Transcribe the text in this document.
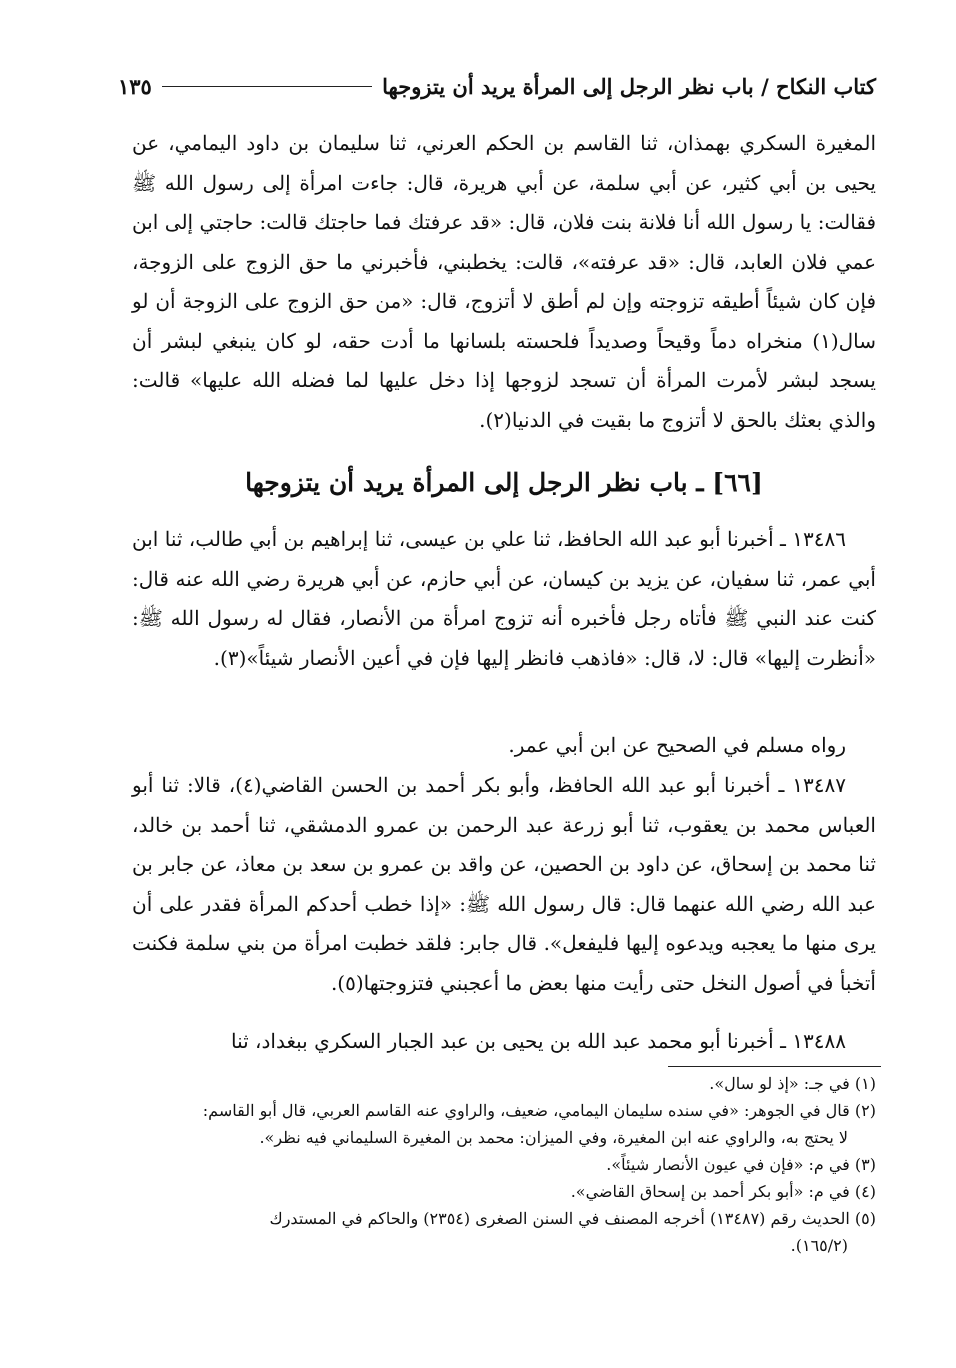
كتاب النكاح / باب نظر الرجل إلى المرأة يريد أن يتزوجها
١٣٥

المغيرة السكري بهمذان، ثنا القاسم بن الحكم العرني، ثنا سليمان بن داود اليمامي، عن يحيى بن أبي كثير، عن أبي سلمة، عن أبي هريرة، قال: جاءت امرأة إلى رسول الله ﷺ فقالت: يا رسول الله أنا فلانة بنت فلان، قال: «قد عرفتك فما حاجتك قالت: حاجتي إلى ابن عمي فلان العابد، قال: «قد عرفته»، قالت: يخطبني، فأخبرني ما حق الزوج على الزوجة، فإن كان شيئاً أطيقه تزوجته وإن لم أطق لا أتزوج، قال: «من حق الزوج على الزوجة أن لو سال(١) منخراه دماً وقيحاً وصديداً فلحسته بلسانها ما أدت حقه، لو كان ينبغي لبشر أن يسجد لبشر لأمرت المرأة أن تسجد لزوجها إذا دخل عليها لما فضله الله عليها» قالت: والذي بعثك بالحق لا أتزوج ما بقيت في الدنيا(٢).

[٦٦] ـ باب نظر الرجل إلى المرأة يريد أن يتزوجها

١٣٤٨٦ ـ أخبرنا أبو عبد الله الحافظ، ثنا علي بن عيسى، ثنا إبراهيم بن أبي طالب، ثنا ابن أبي عمر، ثنا سفيان، عن يزيد بن كيسان، عن أبي حازم، عن أبي هريرة رضي الله عنه قال: كنت عند النبي ﷺ فأتاه رجل فأخبره أنه تزوج امرأة من الأنصار، فقال له رسول الله ﷺ: «أنظرت إليها» قال: لا، قال: «فاذهب فانظر إليها فإن في أعين الأنصار شيئاً»(٣).

رواه مسلم في الصحيح عن ابن أبي عمر.

١٣٤٨٧ ـ أخبرنا أبو عبد الله الحافظ، وأبو بكر أحمد بن الحسن القاضي(٤)، قالا: ثنا أبو العباس محمد بن يعقوب، ثنا أبو زرعة عبد الرحمن بن عمرو الدمشقي، ثنا أحمد بن خالد، ثنا محمد بن إسحاق، عن داود بن الحصين، عن واقد بن عمرو بن سعد بن معاذ، عن جابر بن عبد الله رضي الله عنهما قال: قال رسول الله ﷺ: «إذا خطب أحدكم المرأة فقدر على أن يرى منها ما يعجبه ويدعوه إليها فليفعل». قال جابر: فلقد خطبت امرأة من بني سلمة فكنت أتخبأ في أصول النخل حتى رأيت منها بعض ما أعجبني فتزوجتها(٥).

١٣٤٨٨ ـ أخبرنا أبو محمد عبد الله بن يحيى بن عبد الجبار السكري ببغداد، ثنا

(١) في جـ: «إذ لو سال».

(٢) قال في الجوهر: «في سنده سليمان اليمامي، ضعيف، والراوي عنه القاسم العربي، قال أبو القاسم:

لا يحتج به، والراوي عنه ابن المغيرة، وفي الميزان: محمد بن المغيرة السليماني فيه نظر».

(٣) في م: «فإن في عيون الأنصار شيئاً».

(٤) في م: «أبو بكر أحمد بن إسحاق القاضي».

(٥) الحديث رقم (١٣٤٨٧) أخرجه المصنف في السنن الصغرى (٢٣٥٤) والحاكم في المستدرك

(١٦٥/٢).
